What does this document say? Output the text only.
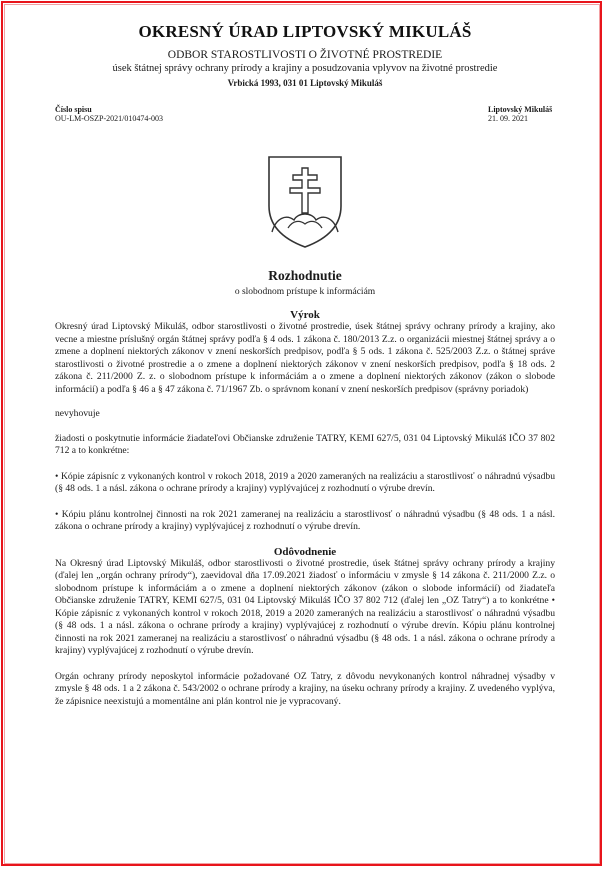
OKRESNÝ ÚRAD LIPTOVSKÝ MIKULÁŠ
ODBOR STAROSTLIVOSTI O ŽIVOTNÉ PROSTREDIE
úsek štátnej správy ochrany prírody a krajiny a posudzovania vplyvov na životné prostredie
Vrbická 1993, 031 01 Liptovský Mikuláš
Číslo spisu
OU-LM-OSZP-2021/010474-003
Liptovský Mikuláš
21. 09. 2021
Rozhodnutie
o slobodnom prístupe k informáciám
Výrok

Okresný úrad Liptovský Mikuláš, odbor starostlivosti o životné prostredie, úsek štátnej správy ochrany prírody a krajiny, ako vecne a miestne príslušný orgán štátnej správy podľa § 4 ods. 1 zákona č. 180/2013 Z.z. o organizácii miestnej štátnej správy a o zmene a doplnení niektorých zákonov v znení neskorších predpisov, podľa § 5 ods. 1 zákona č. 525/2003 Z.z. o štátnej správe starostlivosti o životné prostredie a o zmene a doplnení niektorých zákonov v znení neskorších predpisov, podľa § 18 ods. 2 zákona č. 211/2000 Z. z. o slobodnom prístupe k informáciám a o zmene a doplnení niektorých zákonov (zákon o slobode informácií) a podľa § 46 a § 47 zákona č. 71/1967 Zb. o správnom konaní v znení neskorších predpisov (správny poriadok)

nevyhovuje

žiadosti o poskytnutie informácie žiadateľovi Občianske združenie TATRY, KEMI 627/5, 031 04 Liptovský Mikuláš IČO 37 802 712 a to konkrétne:

• Kópie zápisníc z vykonaných kontrol v rokoch 2018, 2019 a 2020 zameraných na realizáciu a starostlivosť o náhradnú výsadbu (§ 48 ods. 1 a násl. zákona o ochrane prírody a krajiny) vyplývajúcej z rozhodnutí o výrube drevín.

• Kópiu plánu kontrolnej činnosti na rok 2021 zameranej na realizáciu a starostlivosť o náhradnú výsadbu (§ 48 ods. 1 a násl. zákona o ochrane prírody a krajiny) vyplývajúcej z rozhodnutí o výrube drevín.

Odôvodnenie

Na Okresný úrad Liptovský Mikuláš, odbor starostlivosti o životné prostredie, úsek štátnej správy ochrany prírody a krajiny (ďalej len „orgán ochrany prírody“), zaevidoval dňa 17.09.2021 žiadosť o informáciu v zmysle § 14 zákona č. 211/2000 Z.z. o slobodnom prístupe k informáciám a o zmene a doplnení niektorých zákonov (zákon o slobode informácií) od žiadateľa Občianske združenie TATRY, KEMI 627/5, 031 04 Liptovský Mikuláš IČO 37 802 712 (ďalej len „OZ Tatry“) a to konkrétne • Kópie zápisníc z vykonaných kontrol v rokoch 2018, 2019 a 2020 zameraných na realizáciu a starostlivosť o náhradnú výsadbu (§ 48 ods. 1 a násl. zákona o ochrane prírody a krajiny) vyplývajúcej z rozhodnutí o výrube drevín. Kópiu plánu kontrolnej činnosti na rok 2021 zameranej na realizáciu a starostlivosť o náhradnú výsadbu (§ 48 ods. 1 a násl. zákona o ochrane prírody a krajiny) vyplývajúcej z rozhodnutí o výrube drevín.

Orgán ochrany prírody neposkytol informácie požadované OZ Tatry, z dôvodu nevykonaných kontrol náhradnej výsadby v zmysle § 48 ods. 1 a 2 zákona č. 543/2002 o ochrane prírody a krajiny, na úseku ochrany prírody a krajiny. Z uvedeného vyplýva, že zápisnice neexistujú a momentálne ani plán kontrol nie je vypracovaný.
